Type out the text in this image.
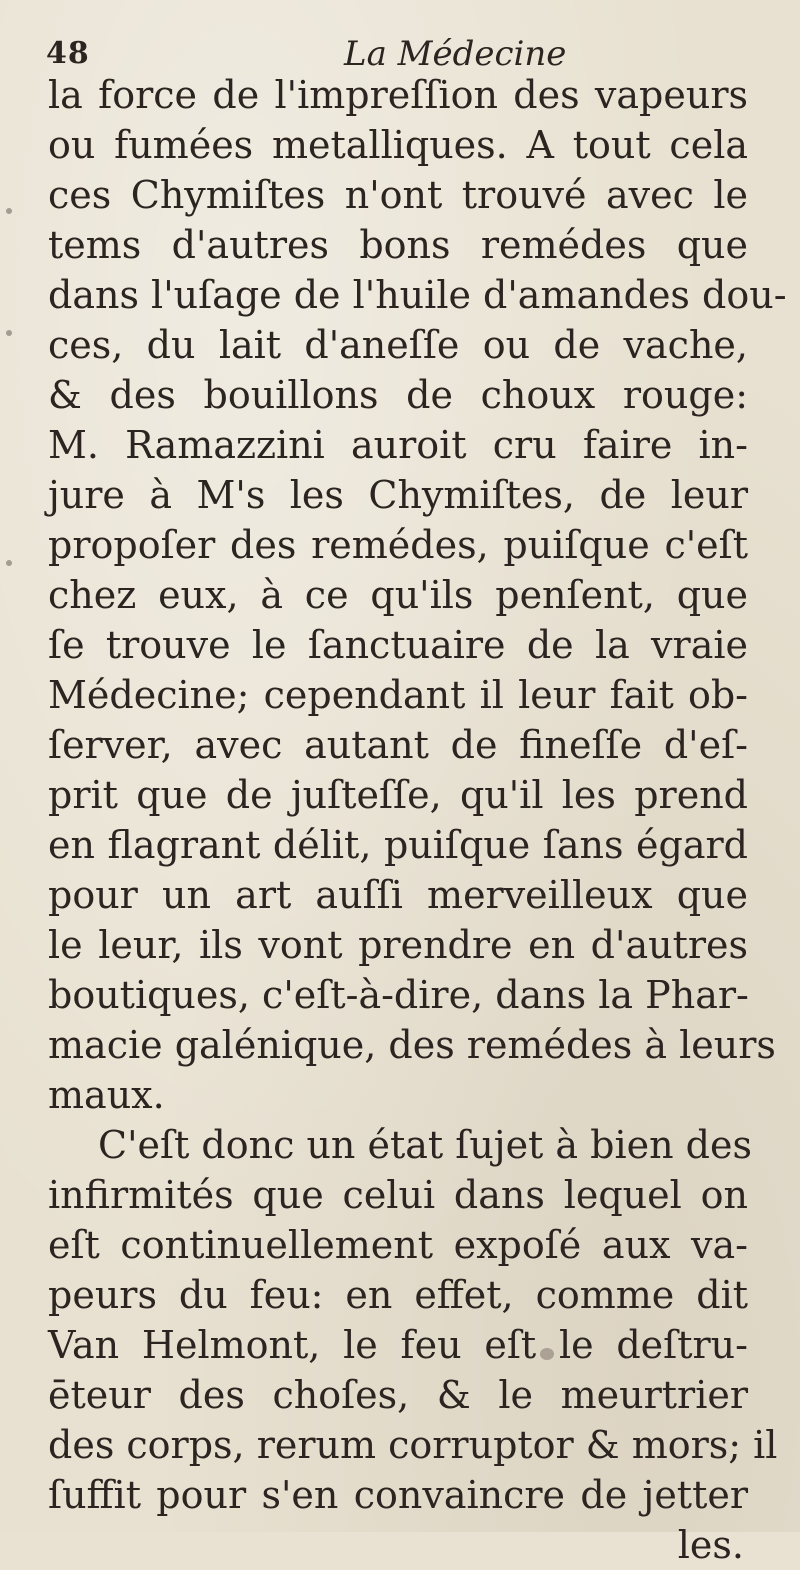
48	La Médecine
la force de l'impreſſion des vapeurs
ou fumées metalliques. A tout cela
ces Chymiſtes n'ont trouvé avec le
tems d'autres bons remédes que
dans l'uſage de l'huile d'amandes dou-
ces, du lait d'aneſſe ou de vache,
& des bouillons de choux rouge:
M. Ramazzini auroit cru faire in-
jure à M's les Chymiſtes, de leur
propoſer des remédes, puiſque c'eſt
chez eux, à ce qu'ils penſent, que
ſe trouve le ſanctuaire de la vraie
Médecine; cependant il leur fait ob-
ſerver, avec autant de fineſſe d'eſ-
prit que de juſteſſe, qu'il les prend
en flagrant délit, puiſque ſans égard
pour un art auſſi merveilleux que
le leur, ils vont prendre en d'autres
boutiques, c'eſt-à-dire, dans la Phar-
macie galénique, des remédes à leurs
maux.
C'eſt donc un état ſujet à bien des
infirmités que celui dans lequel on
eſt continuellement expoſé aux va-
peurs du feu: en effet, comme dit
Van Helmont, le feu eſt le deſtru-
ēteur des choſes, & le meurtrier
des corps, rerum corruptor & mors; il
ſuffit pour s'en convaincre de jetter
les.
